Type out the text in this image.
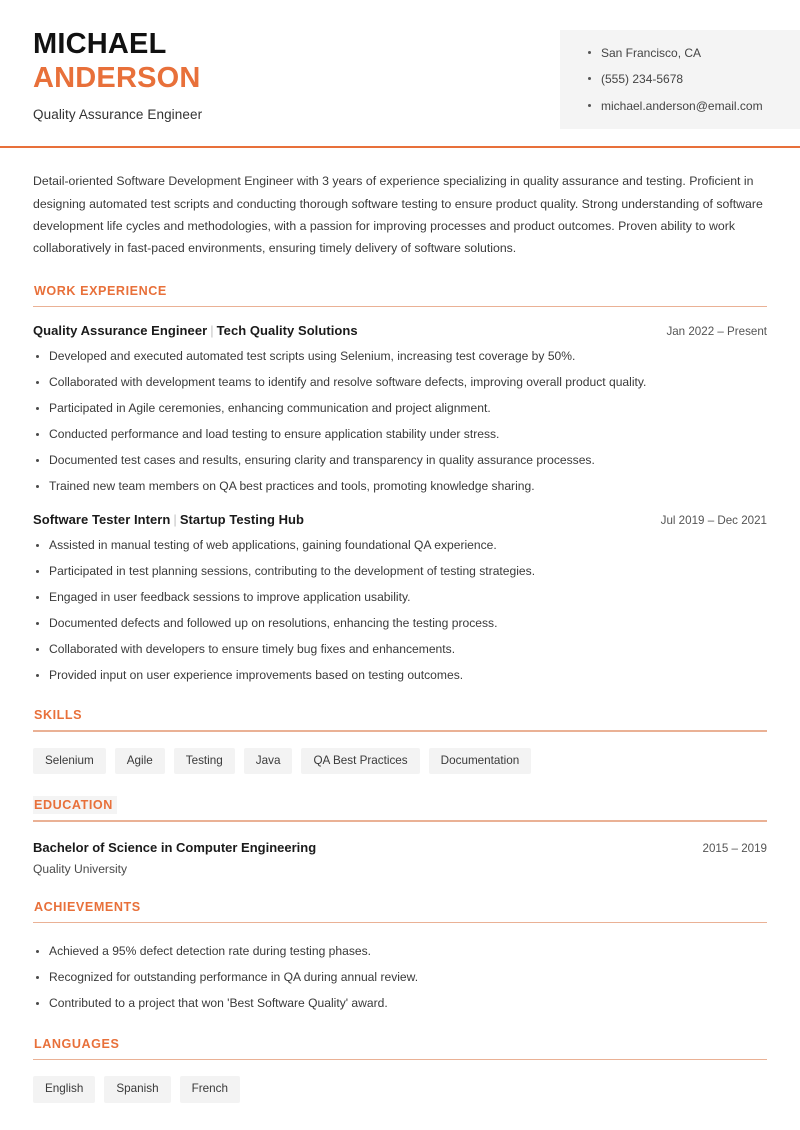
MICHAEL
ANDERSON
Quality Assurance Engineer
San Francisco, CA
(555) 234-5678
michael.anderson@email.com

Detail-oriented Software Development Engineer with 3 years of experience specializing in quality assurance and testing. Proficient in designing automated test scripts and conducting thorough software testing to ensure product quality. Strong understanding of software development life cycles and methodologies, with a passion for improving processes and product outcomes. Proven ability to work collaboratively in fast-paced environments, ensuring timely delivery of software solutions.

WORK EXPERIENCE
Quality Assurance Engineer | Tech Quality Solutions	Jan 2022 – Present
Developed and executed automated test scripts using Selenium, increasing test coverage by 50%.
Collaborated with development teams to identify and resolve software defects, improving overall product quality.
Participated in Agile ceremonies, enhancing communication and project alignment.
Conducted performance and load testing to ensure application stability under stress.
Documented test cases and results, ensuring clarity and transparency in quality assurance processes.
Trained new team members on QA best practices and tools, promoting knowledge sharing.
Software Tester Intern | Startup Testing Hub	Jul 2019 – Dec 2021
Assisted in manual testing of web applications, gaining foundational QA experience.
Participated in test planning sessions, contributing to the development of testing strategies.
Engaged in user feedback sessions to improve application usability.
Documented defects and followed up on resolutions, enhancing the testing process.
Collaborated with developers to ensure timely bug fixes and enhancements.
Provided input on user experience improvements based on testing outcomes.
SKILLS
Selenium	Agile	Testing	Java	QA Best Practices	Documentation
EDUCATION
Bachelor of Science in Computer Engineering	2015 – 2019
Quality University
ACHIEVEMENTS
Achieved a 95% defect detection rate during testing phases.
Recognized for outstanding performance in QA during annual review.
Contributed to a project that won 'Best Software Quality' award.
LANGUAGES
English	Spanish	French
